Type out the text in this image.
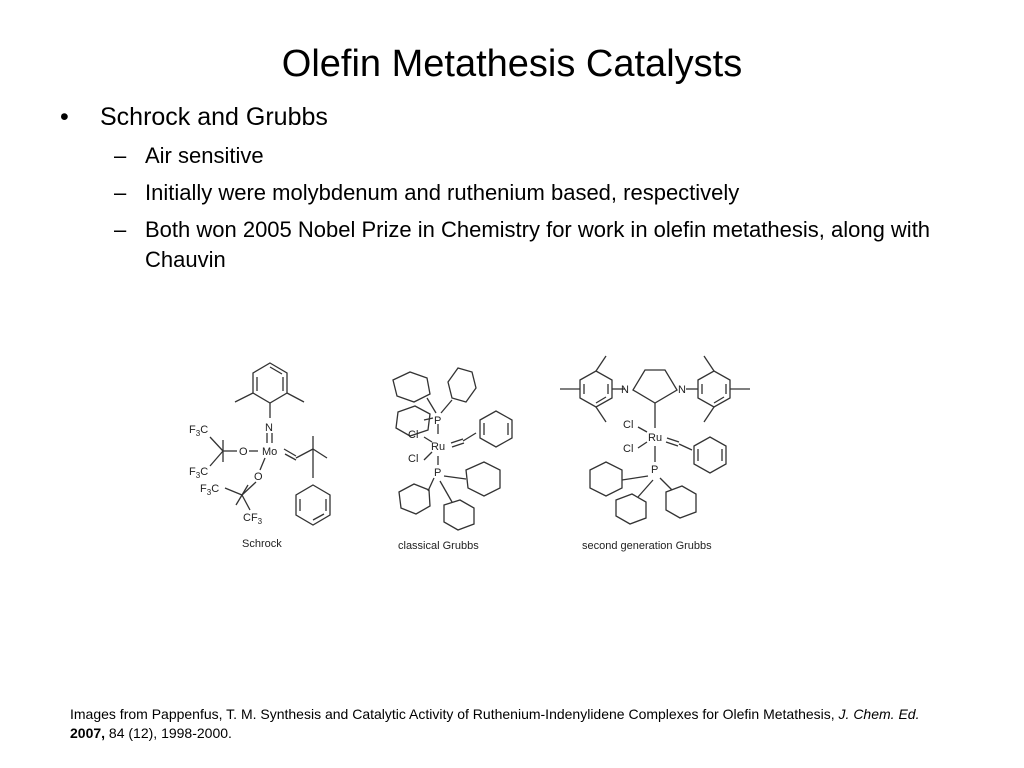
Olefin Metathesis Catalysts
• Schrock and Grubbs
– Air sensitive
– Initially were molybdenum and ruthenium based, respectively
– Both won 2005 Nobel Prize in Chemistry for work in olefin metathesis, along with Chauvin
N
Mo
O
O
$F_3C$
$F_3C$
$F_3C$
$CF_3$
P
Ru
Cl
Cl
P
N	N
Ru
Cl
Cl
P
Schrock	classical Grubbs	second generation Grubbs
Images from Pappenfus, T. M. Synthesis and Catalytic Activity of Ruthenium-Indenylidene Complexes for Olefin Metathesis, J. Chem. Ed. 2007, 84 (12), 1998-2000.
